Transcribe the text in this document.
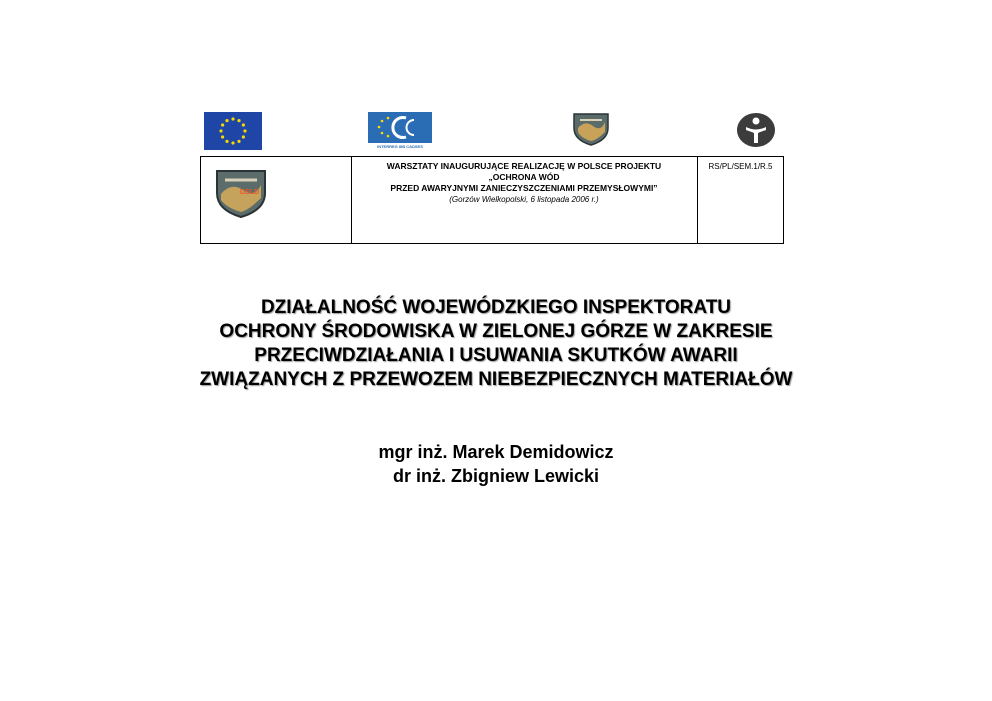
INTERREG IIIB CADSES
DELD
WARSZTATY INAUGURUJĄCE REALIZACJĘ W POLSCE PROJEKTU
„OCHRONA WÓD
PRZED AWARYJNYMI ZANIECZYSZCZENIAMI PRZEMYSŁOWYMI”
(Gorzów Wielkopolski, 6 listopada 2006 r.)
RS/PL/SEM.1/R.5
DZIAŁALNOŚĆ WOJEWÓDZKIEGO INSPEKTORATU
OCHRONY ŚRODOWISKA W ZIELONEJ GÓRZE W ZAKRESIE
PRZECIWDZIAŁANIA I USUWANIA SKUTKÓW AWARII
ZWIĄZANYCH Z PRZEWOZEM NIEBEZPIECZNYCH MATERIAŁÓW
mgr inż. Marek Demidowicz
dr inż. Zbigniew Lewicki
